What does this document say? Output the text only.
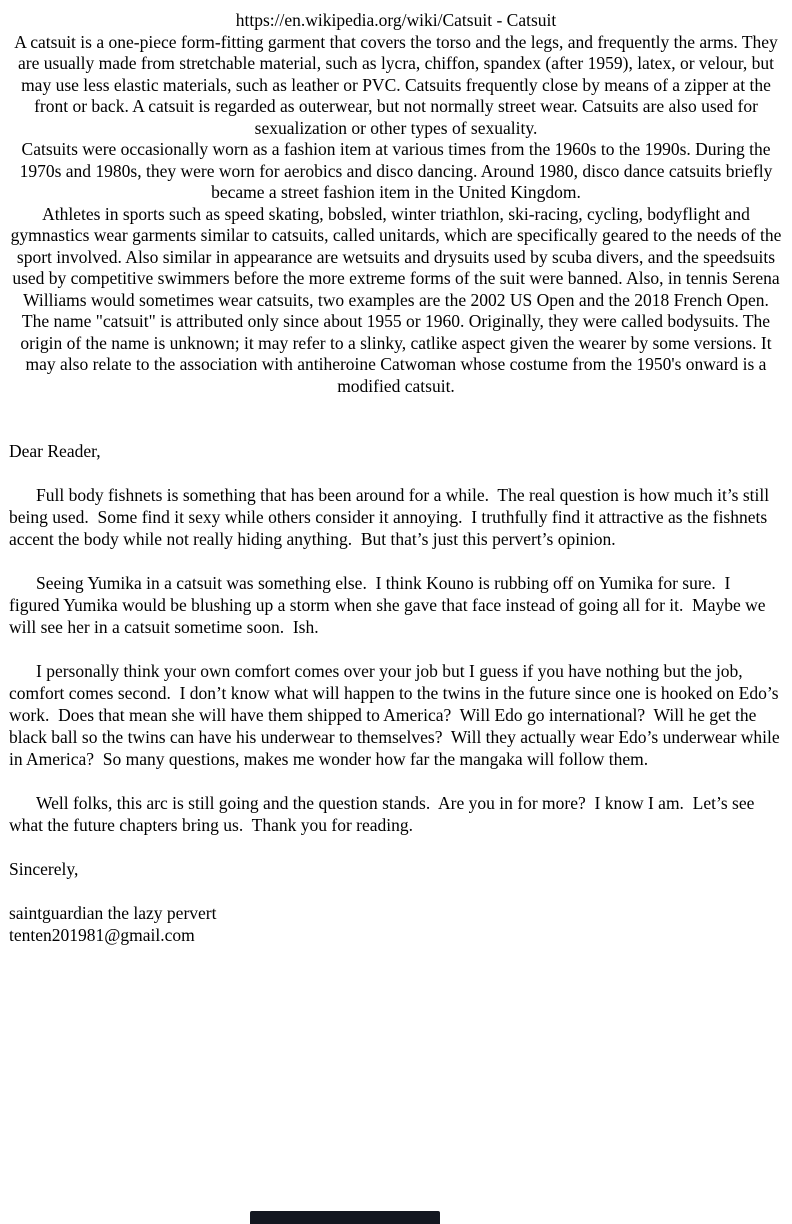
https://en.wikipedia.org/wiki/Catsuit - Catsuit

A catsuit is a one-piece form-fitting garment that covers the torso and the legs, and frequently the arms. They are usually made from stretchable material, such as lycra, chiffon, spandex (after 1959), latex, or velour, but may use less elastic materials, such as leather or PVC. Catsuits frequently close by means of a zipper at the front or back. A catsuit is regarded as outerwear, but not normally street wear. Catsuits are also used for sexualization or other types of sexuality.

Catsuits were occasionally worn as a fashion item at various times from the 1960s to the 1990s. During the 1970s and 1980s, they were worn for aerobics and disco dancing. Around 1980, disco dance catsuits briefly became a street fashion item in the United Kingdom.

Athletes in sports such as speed skating, bobsled, winter triathlon, ski-racing, cycling, bodyflight and gymnastics wear garments similar to catsuits, called unitards, which are specifically geared to the needs of the sport involved. Also similar in appearance are wetsuits and drysuits used by scuba divers, and the speedsuits used by competitive swimmers before the more extreme forms of the suit were banned. Also, in tennis Serena Williams would sometimes wear catsuits, two examples are the 2002 US Open and the 2018 French Open.

The name "catsuit" is attributed only since about 1955 or 1960. Originally, they were called bodysuits. The origin of the name is unknown; it may refer to a slinky, catlike aspect given the wearer by some versions. It may also relate to the association with antiheroine Catwoman whose costume from the 1950's onward is a modified catsuit.

Dear Reader,

Full body fishnets is something that has been around for a while.  The real question is how much it’s still being used.  Some find it sexy while others consider it annoying.  I truthfully find it attractive as the fishnets accent the body while not really hiding anything.  But that’s just this pervert’s opinion.

Seeing Yumika in a catsuit was something else.  I think Kouno is rubbing off on Yumika for sure.  I figured Yumika would be blushing up a storm when she gave that face instead of going all for it.  Maybe we will see her in a catsuit sometime soon.  Ish.

I personally think your own comfort comes over your job but I guess if you have nothing but the job, comfort comes second.  I don’t know what will happen to the twins in the future since one is hooked on Edo’s work.  Does that mean she will have them shipped to America?  Will Edo go international?  Will he get the black ball so the twins can have his underwear to themselves?  Will they actually wear Edo’s underwear while in America?  So many questions, makes me wonder how far the mangaka will follow them.

Well folks, this arc is still going and the question stands.  Are you in for more?  I know I am.  Let’s see what the future chapters bring us.  Thank you for reading.

Sincerely,

saintguardian the lazy pervert

tenten201981@gmail.com
